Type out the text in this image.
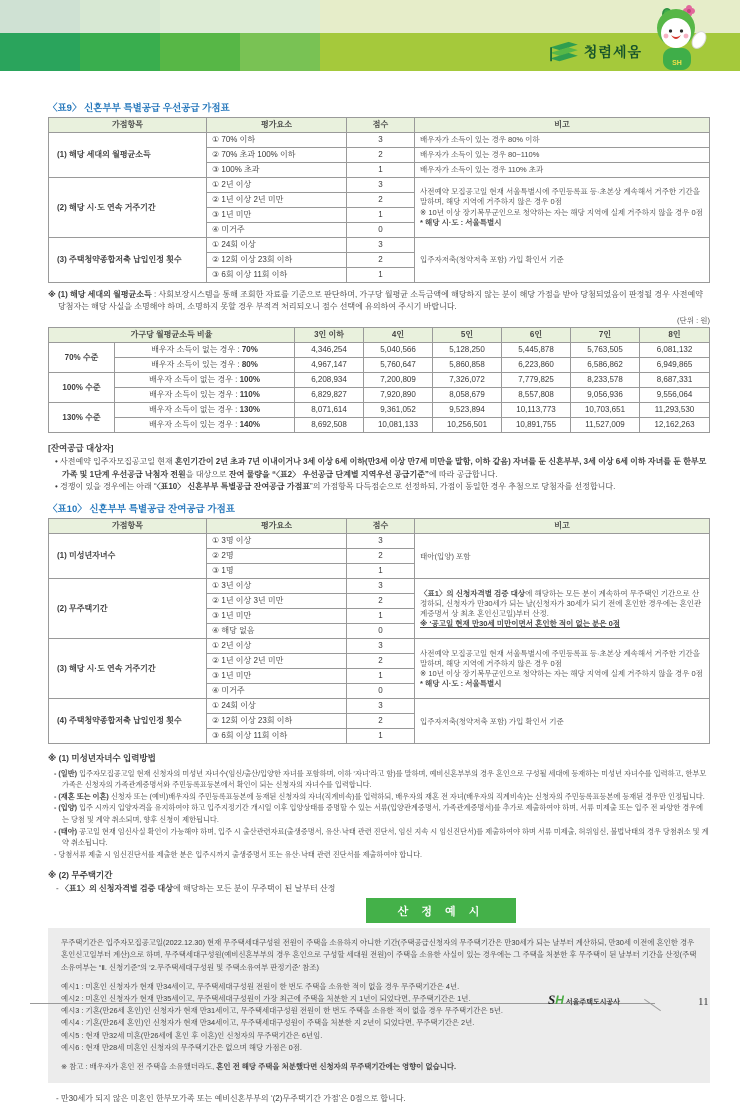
청렴세움
SH
〈표9〉 신혼부부 특별공급 우선공급 가점표
가점항목	평가요소	점수	비고
(1) 해당 세대의 월평균소득	① 70% 이하	3	배우자가 소득이 있는 경우 80% 이하
	② 70% 초과 100% 이하	2	배우자가 소득이 있는 경우 80~110%
	③ 100% 초과	1	배우자가 소득이 있는 경우 110% 초과
(2) 해당 시·도 연속 거주기간	① 2년 이상	3	사전예약 모집공고일 현재 서울특별시에 주민등록표 등·초본상 계속해서 거주한 기간을 말하며, 해당 지역에 거주하지 않은 경우 0점
※ 10년 이상 장기복무군인으로 청약하는 자는 해당 지역에 실제 거주하지 않을 경우 0점
* 해당 시·도 : 서울특별시

	② 1년 이상 2년 미만	2	
	③ 1년 미만	1	
	④ 미거주	0	
(3) 주택청약종합저축 납입인정 횟수	① 24회 이상	3	입주자저축(청약저축 포함) 가입 확인서 기준
	② 12회 이상 23회 이하	2	
	③ 6회 이상 11회 이하	1	
※ (1) 해당 세대의 월평균소득 : 사회보장시스템을 통해 조회한 자료를 기준으로 판단하며, 가구당 월평균 소득금액에 해당하지 않는 분이 해당 가점을 받아 당첨되었음이 판정될 경우 사전예약 당첨자는 해당 사실을 소명해야 하며, 소명하지 못할 경우 부적격 처리되오니 점수 선택에 유의하여 주시기 바랍니다.
(단위 : 원)
가구당 월평균소득 비율		3인 이하	4인	5인	6인	7인	8인
70% 수준	배우자 소득이 없는 경우 : 70%	4,346,254	5,040,566	5,128,250	5,445,878	5,763,505	6,081,132
	배우자 소득이 있는 경우 : 80%	4,967,147	5,760,647	5,860,858	6,223,860	6,586,862	6,949,865
100% 수준	배우자 소득이 없는 경우 : 100%	6,208,934	7,200,809	7,326,072	7,779,825	8,233,578	8,687,331
	배우자 소득이 있는 경우 : 110%	6,829,827	7,920,890	8,058,679	8,557,808	9,056,936	9,556,064
130% 수준	배우자 소득이 없는 경우 : 130%	8,071,614	9,361,052	9,523,894	10,113,773	10,703,651	11,293,530
	배우자 소득이 있는 경우 : 140%	8,692,508	10,081,133	10,256,501	10,891,755	11,527,009	12,162,263
[잔여공급 대상자]
• 사전예약 입주자모집공고일 현재 혼인기간이 2년 초과 7년 이내이거나 3세 이상 6세 이하(만3세 이상 만7세 미만을 말함, 이하 같음) 자녀를 둔 신혼부부, 3세 이상 6세 이하 자녀를 둔 한부모가족 및 1단계 우선공급 낙첨자 전원을 대상으로 잔여 물량을 “〈표2〉 우선공급 단계별 지역우선 공급기준”에 따라 공급합니다.
• 경쟁이 있을 경우에는 아래 “〈표10〉 신혼부부 특별공급 잔여공급 가점표”의 가점항목 다득점순으로 선정하되, 가점이 동일한 경우 추첨으로 당첨자를 선정합니다.
〈표10〉 신혼부부 특별공급 잔여공급 가점표
가점항목	평가요소	점수	비고
(1) 미성년자녀수	① 3명 이상	3	태아(입양) 포함
	② 2명	2	
	③ 1명	1	
(2) 무주택기간	① 3년 이상	3	〈표1〉의 신청자격별 검증 대상에 해당하는 모든 분이 계속하여 무주택인 기간으로 산정하되, 신청자가 만30세가 되는 날(신청자가 30세가 되기 전에 혼인한 경우에는 혼인관계증명서 상 최초 혼인신고일)부터 산정.
※ ‘공고일 현재 만30세 미만이면서 혼인한 적이 없는 분은 0점

	② 1년 이상 3년 미만	2	
	③ 1년 미만	1	
	④ 해당 없음	0	
(3) 해당 시·도 연속 거주기간	① 2년 이상	3	사전예약 모집공고일 현재 서울특별시에 주민등록표 등·초본상 계속해서 거주한 기간을 말하며, 해당 지역에 거주하지 않은 경우 0점
※ 10년 이상 장기복무군인으로 청약하는 자는 해당 지역에 실제 거주하지 않을 경우 0점
* 해당 시·도 : 서울특별시

	② 1년 이상 2년 미만	2	
	③ 1년 미만	1	
	④ 미거주	0	
(4) 주택청약종합저축 납입인정 횟수	① 24회 이상	3	입주자저축(청약저축 포함) 가입 확인서 기준
	② 12회 이상 23회 이하	2	
	③ 6회 이상 11회 이하	1	
※ (1) 미성년자녀수 입력방법
- (일반) 입주자모집공고일 현재 신청자의 미성년 자녀수(임신/출산/입양한 자녀를 포함하며, 이하 ‘자녀’라고 함)를 말하며, 예비신혼부부의 경우 혼인으로 구성될 세대에 등재하는 미성년 자녀수를 입력하고, 한부모가족은 신청자의 가족관계증명서와 주민등록표등본에서 확인이 되는 신청자의 자녀수를 입력합니다.
- (재혼 또는 이혼) 신청자 또는 (예비)배우자의 주민등록표등본에 등재된 신청자의 자녀(직계비속)를 입력하되, 배우자의 재혼 전 자녀(배우자의 직계비속)는 신청자의 주민등록표등본에 등재된 경우만 인정됩니다.
- (입양) 입주 시까지 입양자격을 유지하여야 하고 입주지정기간 개시일 이후 입양상태를 증명할 수 있는 서류(입양관계증명서, 가족관계증명서)를 추가로 제출하여야 하며, 서류 미제출 또는 입주 전 파양한 경우에는 당첨 및 계약 취소되며, 향후 신청이 제한됩니다.
- (태아) 공고일 현재 임신사실 확인이 가능해야 하며, 입주 시 출산관련자료(출생증명서, 유산·낙태 관련 진단서, 임신 지속 시 임신진단서)를 제출하여야 하며 서류 미제출, 허위임신, 불법낙태의 경우 당첨취소 및 계약 취소됩니다.
- 당첨서류 제출 시 임신진단서를 제출한 분은 입주시까지 출생증명서 또는 유산·낙태 관련 진단서를 제출하여야 합니다.
※ (2) 무주택기간
- 〈표1〉의 신청자격별 검증 대상에 해당하는 모든 분이 무주택이 된 날부터 산정
산 정 예 시
무주택기간은 입주자모집공고일(2022.12.30) 현재 무주택세대구성원 전원이 주택을 소유하지 아니한 기간(주택공급신청자의 무주택기간은 만30세가 되는 날부터 계산하되, 만30세 이전에 혼인한 경우 혼인신고일부터 계산)으로 하며, 무주택세대구성원(예비신혼부부의 경우 혼인으로 구성할 세대원 전원)이 주택을 소유한 사실이 있는 경우에는 그 주택을 처분한 후 무주택이 된 날부터 기간을 산정(주택소유여부는 “Ⅱ. 신청기준”의 ‘2.무주택세대구성원 및 주택소유여부 판정기준’ 참조)
예시1 : 미혼인 신청자가 현재 만34세이고, 무주택세대구성원 전원이 한 번도 주택을 소유한 적이 없을 경우 무주택기간은 4년.
예시2 : 미혼인 신청자가 현재 만35세이고, 무주택세대구성원이 가장 최근에 주택을 처분한 지 1년이 되었다면, 무주택기간은 1년.
예시3 : 기혼(만26세 혼인)인 신청자가 현재 만31세이고, 무주택세대구성원 전원이 한 번도 주택을 소유한 적이 없을 경우 무주택기간은 5년.
예시4 : 기혼(만26세 혼인)인 신청자가 현재 만34세이고, 무주택세대구성원이 주택을 처분한 지 2년이 되었다면, 무주택기간은 2년.
예시5 : 현재 만32세 미혼(만26세에 혼인 후 이혼)인 신청자의 무주택기간은 6년임.
예시6 : 현재 만28세 미혼인 신청자의 무주택기간은 없으며 해당 가점은 0점.
※ 참고 : 배우자가 혼인 전 주택을 소유했더라도, 혼인 전 해당 주택을 처분했다면 신청자의 무주택기간에는 영향이 없습니다.
- 만30세가 되지 않은 미혼인 한부모가족 또는 예비신혼부부의 ‘(2)무주택기간 가점’은 0점으로 합니다.
S H 서울주택도시공사	11
